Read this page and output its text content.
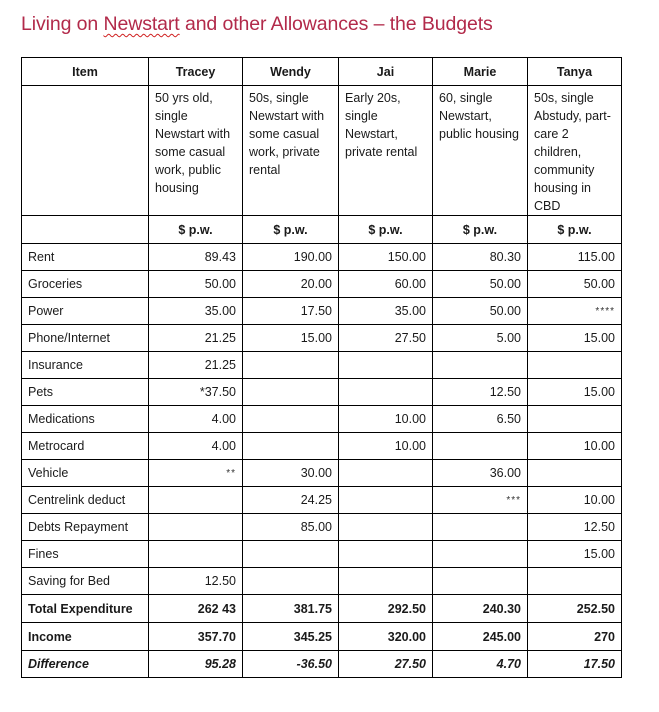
Living on Newstart and other Allowances – the Budgets
Item	Tracey	Wendy	Jai	Marie	Tanya
	50 yrs old, single Newstart with some casual work, public housing	50s, single Newstart with some casual work, private rental	Early 20s, single Newstart, private rental	60, single Newstart, public housing	50s, single Abstudy, part-care 2 children, community housing in CBD
	$ p.w.	$ p.w.	$ p.w.	$ p.w.	$ p.w.
Rent	89.43	190.00	150.00	80.30	115.00
Groceries	50.00	20.00	60.00	50.00	50.00
Power	35.00	17.50	35.00	50.00	****
Phone/Internet	21.25	15.00	27.50	5.00	15.00
Insurance	21.25				
Pets	*37.50			12.50	15.00
Medications	4.00		10.00	6.50	
Metrocard	4.00		10.00		10.00
Vehicle	**	30.00		36.00	
Centrelink deduct		24.25		***	10.00
Debts Repayment		85.00			12.50
Fines					15.00
Saving for Bed	12.50				
Total Expenditure	262 43	381.75	292.50	240.30	252.50
Income	357.70	345.25	320.00	245.00	270
Difference	95.28	-36.50	27.50	4.70	17.50
